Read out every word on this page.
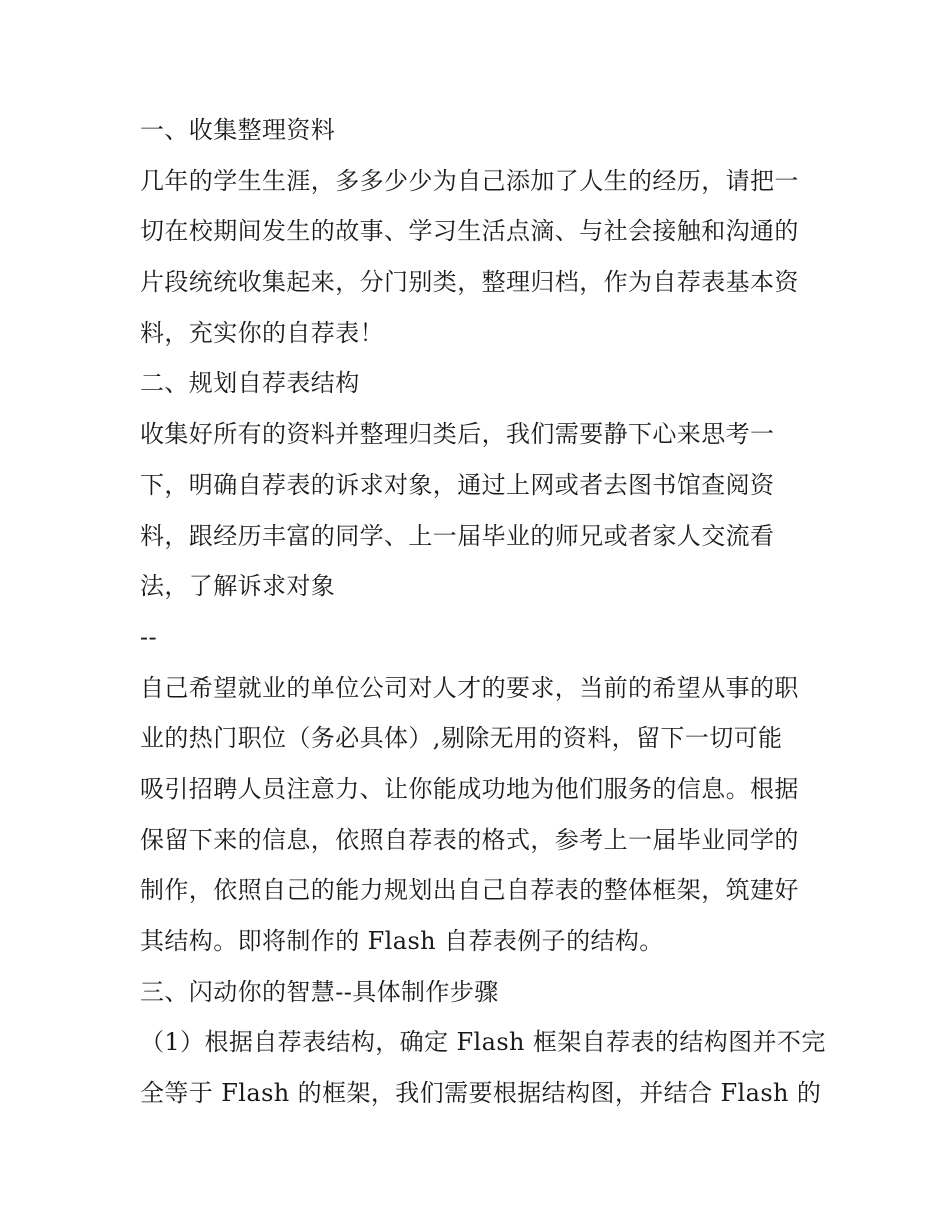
一、收集整理资料
几年的学生生涯，多多少少为自己添加了人生的经历，请把一
切在校期间发生的故事、学习生活点滴、与社会接触和沟通的
片段统统收集起来，分门别类，整理归档，作为自荐表基本资
料，充实你的自荐表！
二、规划自荐表结构
收集好所有的资料并整理归类后，我们需要静下心来思考一
下，明确自荐表的诉求对象，通过上网或者去图书馆查阅资
料，跟经历丰富的同学、上一届毕业的师兄或者家人交流看
法，了解诉求对象
--
自己希望就业的单位公司对人才的要求，当前的希望从事的职
业的热门职位（务必具体）,剔除无用的资料，留下一切可能
吸引招聘人员注意力、让你能成功地为他们服务的信息。根据
保留下来的信息，依照自荐表的格式，参考上一届毕业同学的
制作，依照自己的能力规划出自己自荐表的整体框架，筑建好
其结构。即将制作的 Flash 自荐表例子的结构。
三、闪动你的智慧--具体制作步骤
（1）根据自荐表结构，确定 Flash 框架自荐表的结构图并不完
全等于 Flash 的框架，我们需要根据结构图，并结合 Flash 的
